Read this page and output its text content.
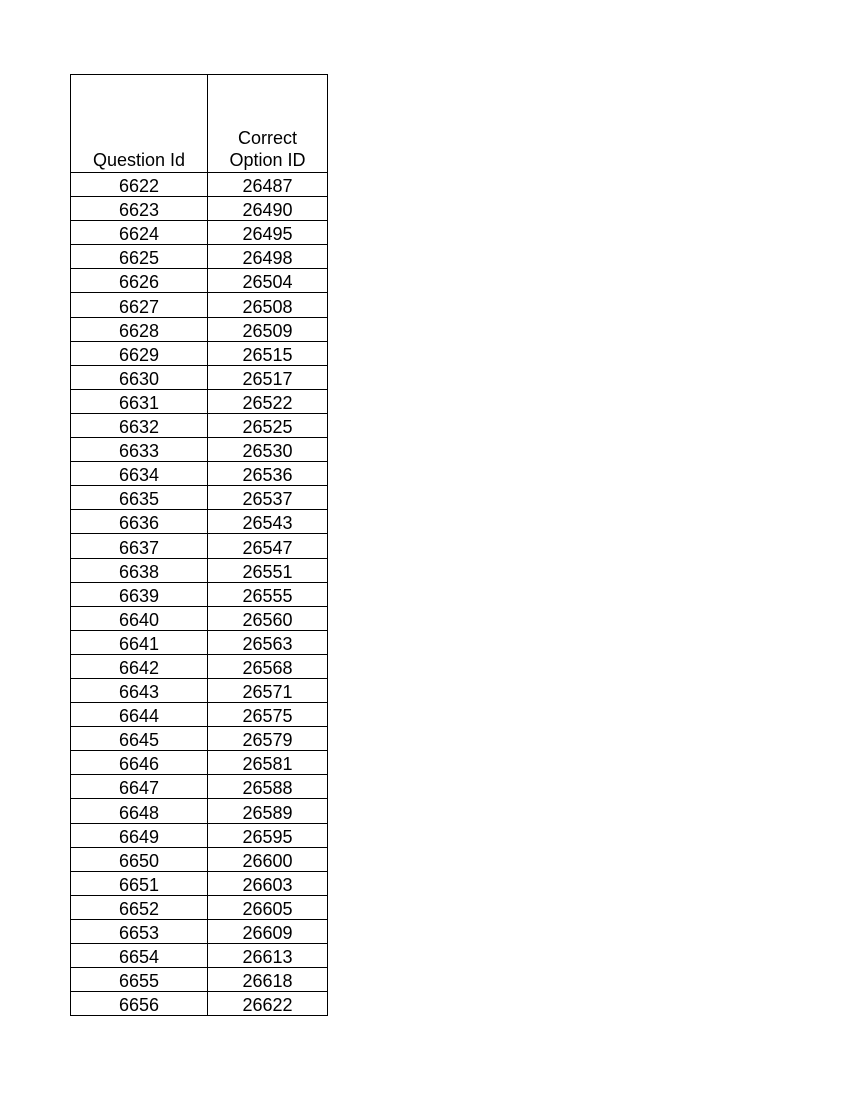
Question Id	Correct
Option ID

6622	26487
6623	26490
6624	26495
6625	26498
6626	26504
6627	26508
6628	26509
6629	26515
6630	26517
6631	26522
6632	26525
6633	26530
6634	26536
6635	26537
6636	26543
6637	26547
6638	26551
6639	26555
6640	26560
6641	26563
6642	26568
6643	26571
6644	26575
6645	26579
6646	26581
6647	26588
6648	26589
6649	26595
6650	26600
6651	26603
6652	26605
6653	26609
6654	26613
6655	26618
6656	26622
